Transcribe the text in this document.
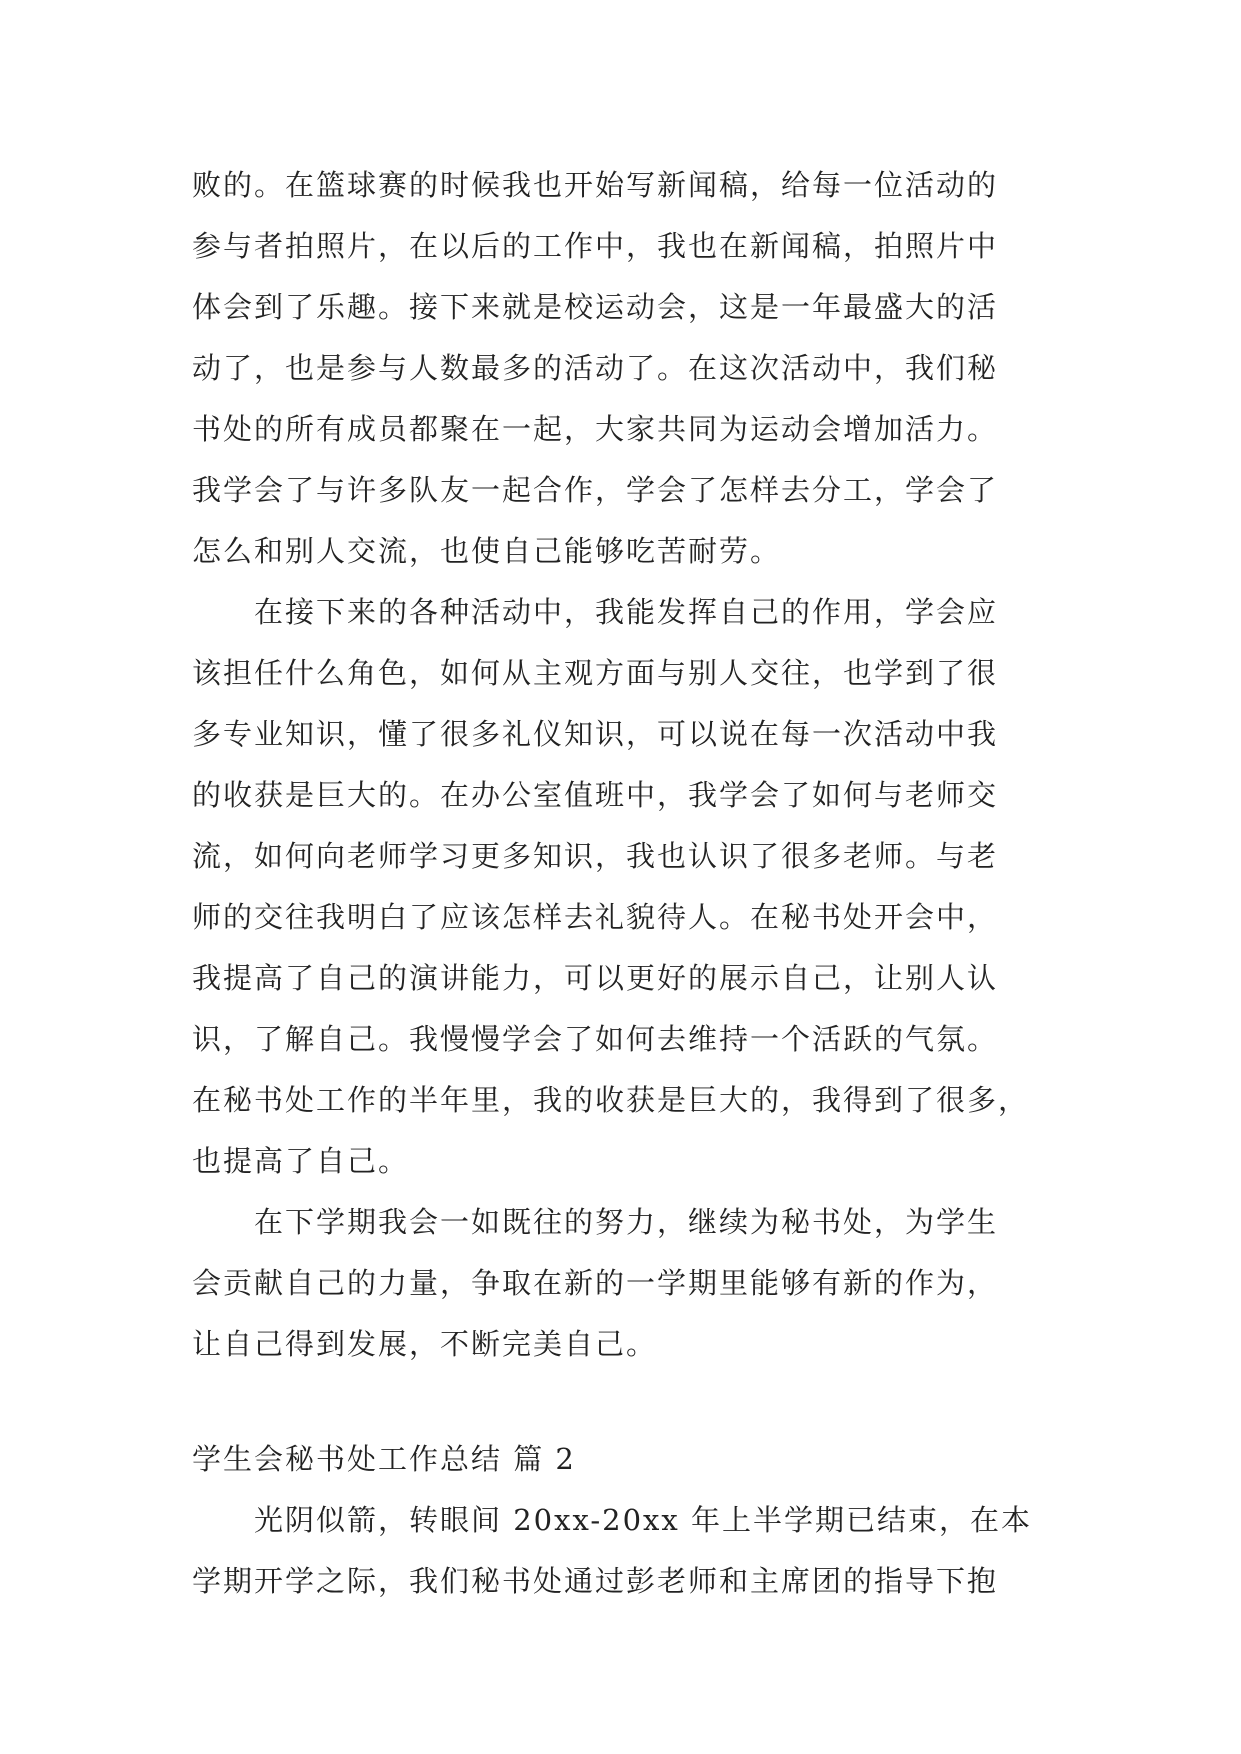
败的。在篮球赛的时候我也开始写新闻稿，给每一位活动的
参与者拍照片，在以后的工作中，我也在新闻稿，拍照片中
体会到了乐趣。接下来就是校运动会，这是一年最盛大的活
动了，也是参与人数最多的活动了。在这次活动中，我们秘
书处的所有成员都聚在一起，大家共同为运动会增加活力。
我学会了与许多队友一起合作，学会了怎样去分工，学会了
怎么和别人交流，也使自己能够吃苦耐劳。
在接下来的各种活动中，我能发挥自己的作用，学会应
该担任什么角色，如何从主观方面与别人交往，也学到了很
多专业知识，懂了很多礼仪知识，可以说在每一次活动中我
的收获是巨大的。在办公室值班中，我学会了如何与老师交
流，如何向老师学习更多知识，我也认识了很多老师。与老
师的交往我明白了应该怎样去礼貌待人。在秘书处开会中，
我提高了自己的演讲能力，可以更好的展示自己，让别人认
识，了解自己。我慢慢学会了如何去维持一个活跃的气氛。
在秘书处工作的半年里，我的收获是巨大的，我得到了很多，
也提高了自己。
在下学期我会一如既往的努力，继续为秘书处，为学生
会贡献自己的力量，争取在新的一学期里能够有新的作为，
让自己得到发展，不断完美自己。
学生会秘书处工作总结 篇 2
光阴似箭，转眼间 20xx-20xx 年上半学期已结束，在本
学期开学之际，我们秘书处通过彭老师和主席团的指导下抱
